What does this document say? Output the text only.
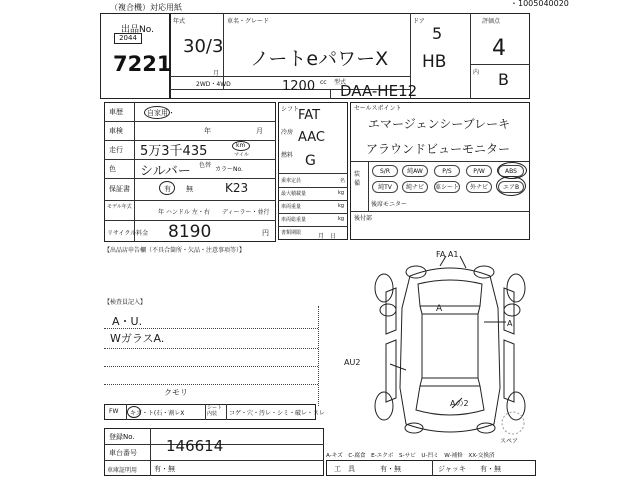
（複合機）対応用紙	・1005040020
出品No.
2044
7221
年式
30/3
月
車名・グレード
ノートeパワーX
ドア
5
HB
2WD・4WD	cc
1200	型式
DAA-HE12
評価点
4
内 B
車歴	自家用・
車検	年	月
走行 5万3千435	km
マイル
色 シルバー 色替
カラーNo.
保証書	有 無	K23
モデル年式
年 ハンドル 左・右 ディーラー・並行
リサイクル料金 8190	円
【出品店申告欄（不具合箇所・欠品・注意事項等）】
シフト
FAT
冷房 AAC
燃料 G
乗車定員	名
最大積載量	kg
車両重量	kg
車両総重量	kg
書類期限	月　日
セールスポイント
エマージェンシーブレーキ
アラウンドビューモニター
装備
S/R	純AW	P/S	P/W	ABS
純TV	純ナビ	革シート	外ナビ	エアB
後席モニター
後付部
【検査員記入】
A・U.
WガラスA.
FA A1
AU2
A
A
Aの2
スペア
クモリ
FW キズ・ト(石・割レX
シート内装	コゲ・穴・汚レ・シミ・破レ・スレ
登録No.
車台番号 146614
車庫証明用 有・無
A-キズ　C-腐食　E-エクボ　S-サビ　U-凹ミ　W-補修　XX-交換済
工　具	有・無	ジャッキ 有・無
